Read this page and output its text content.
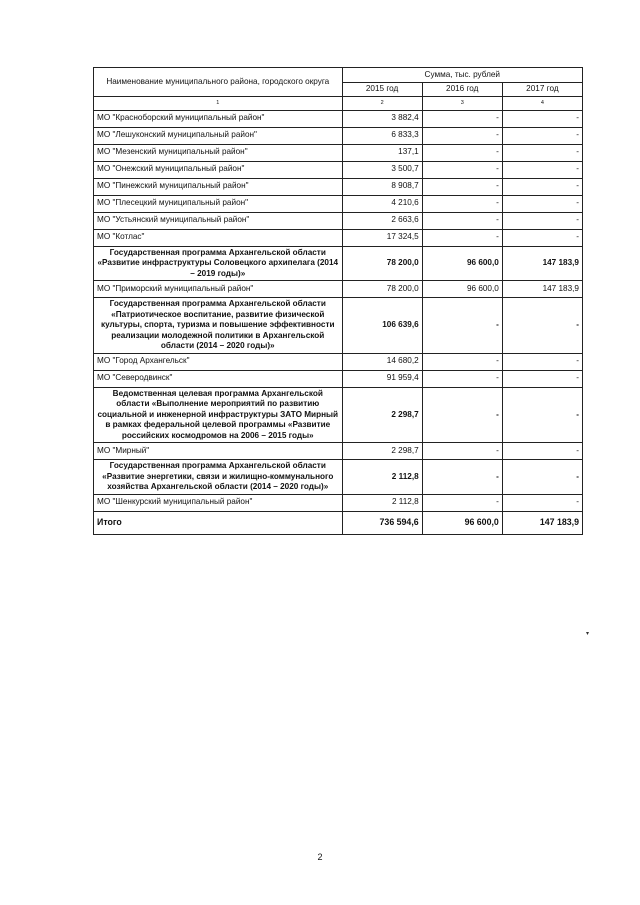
Наименование муниципального района, городского округа	Сумма, тыс. рублей		
	2015 год	2016 год	2017 год
1	2	3	4
МО "Красноборский муниципальный район"	3 882,4	-	-
МО "Лешуконский муниципальный район"	6 833,3	-	-
МО "Мезенский муниципальный район"	137,1	-	-
МО "Онежский муниципальный район"	3 500,7	-	-
МО "Пинежский муниципальный район"	8 908,7	-	-
МО "Плесецкий муниципальный район"	4 210,6	-	-
МО "Устьянский муниципальный район"	2 663,6	-	-
МО "Котлас"	17 324,5	-	-
Государственная программа Архангельской области «Развитие инфраструктуры Соловецкого архипелага (2014 – 2019 годы)»	78 200,0	96 600,0	147 183,9
МО "Приморский муниципальный район"	78 200,0	96 600,0	147 183,9
Государственная программа Архангельской области «Патриотическое воспитание, развитие физической культуры, спорта, туризма и повышение эффективности реализации молодежной политики в Архангельской области (2014 – 2020 годы)»	106 639,6	-	-
МО "Город Архангельск"	14 680,2	-	-
МО "Северодвинск"	91 959,4	-	-
Ведомственная целевая программа Архангельской области «Выполнение мероприятий по развитию социальной и инженерной инфраструктуры ЗАТО Мирный в рамках федеральной целевой программы «Развитие российских космодромов на 2006 – 2015 годы»	2 298,7	-	-
МО "Мирный"	2 298,7	-	-
Государственная программа Архангельской области «Развитие энергетики, связи и жилищно-коммунального хозяйства Архангельской области (2014 – 2020 годы)»	2 112,8	-	-
МО "Шенкурский муниципальный район"	2 112,8	-	-
Итого	736 594,6	96 600,0	147 183,9
▾
2
